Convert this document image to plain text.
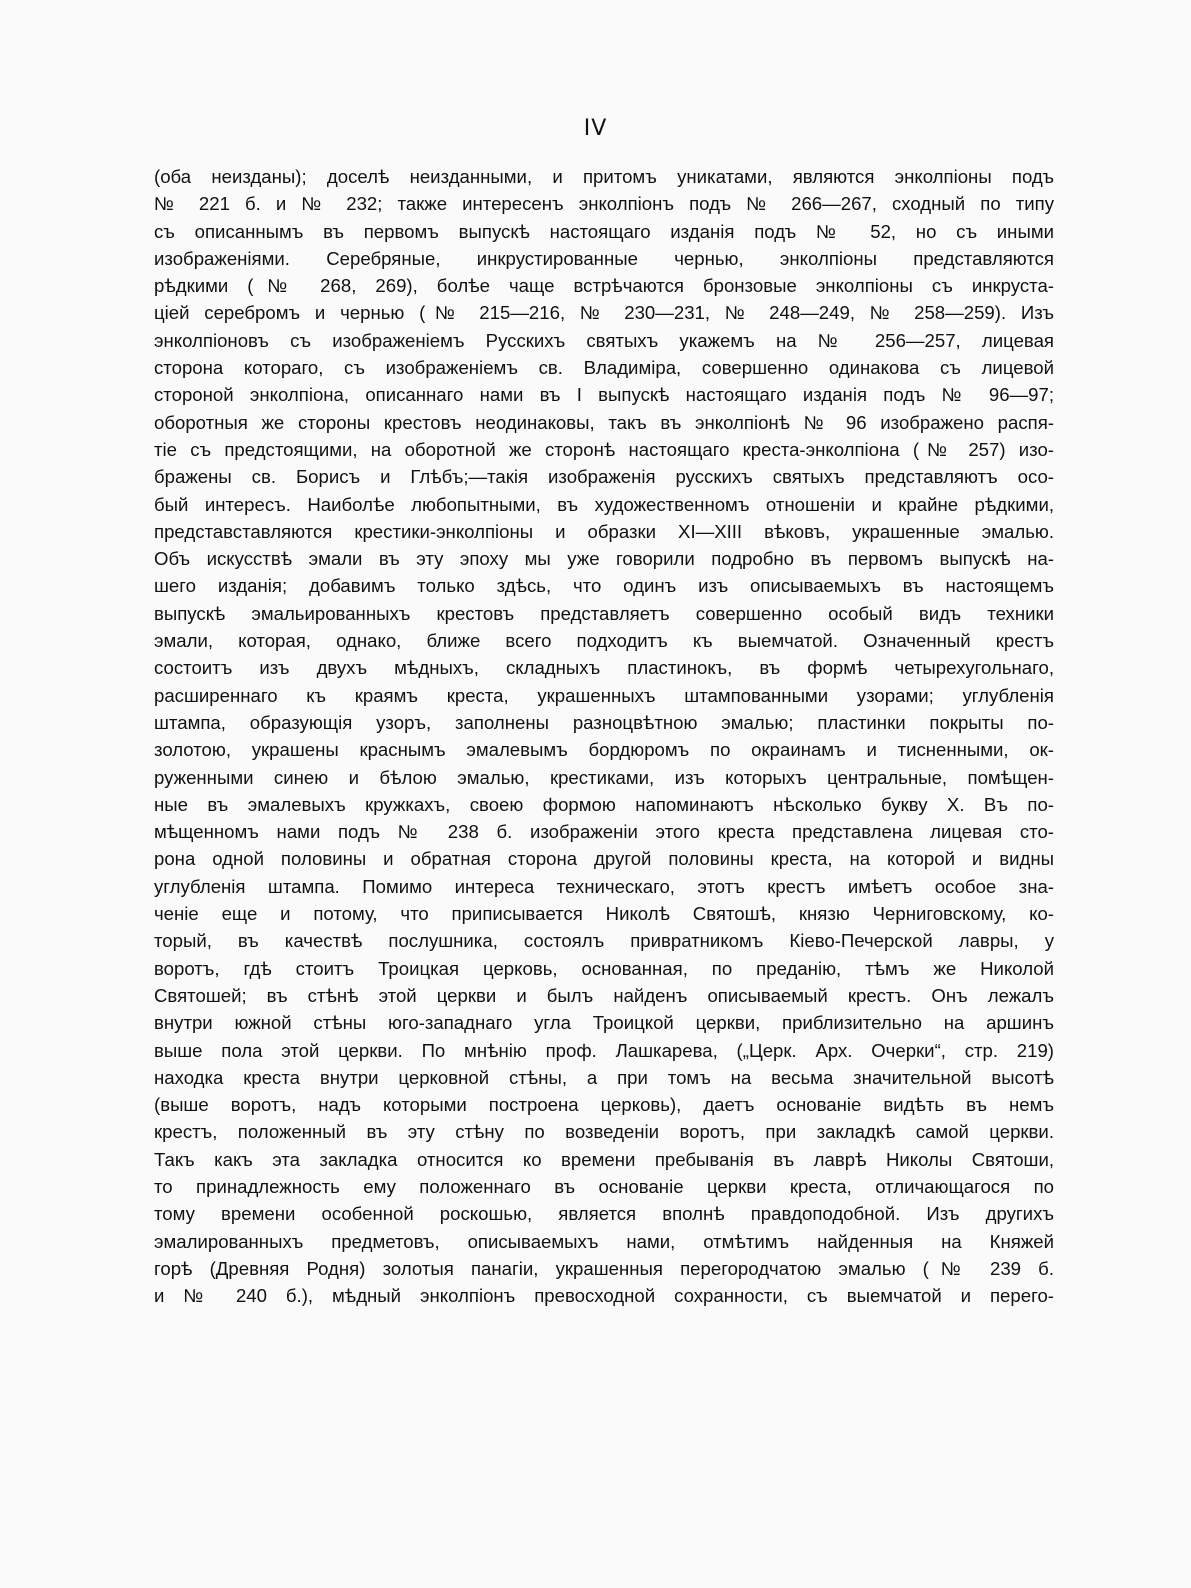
IV
(оба неизданы); доселѣ неизданными, и притомъ уникатами, являются энколпіоны подъ
№ 221 б. и № 232; также интересенъ энколпіонъ подъ № 266—267, сходный по типу
съ описаннымъ въ первомъ выпускѣ настоящаго изданія подъ № 52, но съ иными
изображеніями. Серебряные, инкрустированные чернью, энколпіоны представляются
рѣдкими (№ 268, 269), болѣе чаще встрѣчаются бронзовые энколпіоны съ инкруста-
ціей серебромъ и чернью (№ 215—216, № 230—231, № 248—249, № 258—259). Изъ
энколпіоновъ съ изображеніемъ Русскихъ святыхъ укажемъ на № 256—257, лицевая
сторона котораго, съ изображеніемъ св. Владиміра, совершенно одинакова съ лицевой
стороной энколпіона, описаннаго нами въ I выпускѣ настоящаго изданія подъ № 96—97;
оборотныя же стороны крестовъ неодинаковы, такъ въ энколпіонѣ № 96 изображено распя-
тіе съ предстоящими, на оборотной же сторонѣ настоящаго креста-энколпіона (№ 257) изо-
бражены св. Борисъ и Глѣбъ;—такія изображенія русскихъ святыхъ представляютъ осо-
бый интересъ. Наиболѣе любопытными, въ художественномъ отношеніи и крайне рѣдкими,
представставляются крестики-энколпіоны и образки XI—XIII вѣковъ, украшенные эмалью.
Объ искусствѣ эмали въ эту эпоху мы уже говорили подробно въ первомъ выпускѣ на-
шего изданія; добавимъ только здѣсь, что одинъ изъ описываемыхъ въ настоящемъ
выпускѣ эмальированныхъ крестовъ представляетъ совершенно особый видъ техники
эмали, которая, однако, ближе всего подходитъ къ выемчатой. Означенный крестъ
состоитъ изъ двухъ мѣдныхъ, складныхъ пластинокъ, въ формѣ четырехугольнаго,
расширеннаго къ краямъ креста, украшенныхъ штампованными узорами; углубленія
штампа, образующія узоръ, заполнены разноцвѣтною эмалью; пластинки покрыты по-
золотою, украшены краснымъ эмалевымъ бордюромъ по окраинамъ и тисненными, ок-
руженными синею и бѣлою эмалью, крестиками, изъ которыхъ центральные, помѣщен-
ные въ эмалевыхъ кружкахъ, своею формою напоминаютъ нѣсколько букву X. Въ по-
мѣщенномъ нами подъ № 238 б. изображеніи этого креста представлена лицевая сто-
рона одной половины и обратная сторона другой половины креста, на которой и видны
углубленія штампа. Помимо интереса техническаго, этотъ крестъ имѣетъ особое зна-
ченіе еще и потому, что приписывается Николѣ Святошѣ, князю Черниговскому, ко-
торый, въ качествѣ послушника, состоялъ привратникомъ Кіево-Печерской лавры, у
воротъ, гдѣ стоитъ Троицкая церковь, основанная, по преданію, тѣмъ же Николой
Святошей; въ стѣнѣ этой церкви и былъ найденъ описываемый крестъ. Онъ лежалъ
внутри южной стѣны юго-западнаго угла Троицкой церкви, приблизительно на аршинъ
выше пола этой церкви. По мнѣнію проф. Лашкарева, („Церк. Арх. Очерки“, стр. 219)
находка креста внутри церковной стѣны, а при томъ на весьма значительной высотѣ
(выше воротъ, надъ которыми построена церковь), даетъ основаніе видѣть въ немъ
крестъ, положенный въ эту стѣну по возведеніи воротъ, при закладкѣ самой церкви.
Такъ какъ эта закладка относится ко времени пребыванія въ лаврѣ Николы Святоши,
то принадлежность ему положеннаго въ основаніе церкви креста, отличающагося по
тому времени особенной роскошью, является вполнѣ правдоподобной. Изъ другихъ
эмалированныхъ предметовъ, описываемыхъ нами, отмѣтимъ найденныя на Княжей
горѣ (Древняя Родня) золотыя панагіи, украшенныя перегородчатою эмалью (№ 239 б.
и № 240 б.), мѣдный энколпіонъ превосходной сохранности, съ выемчатой и перего-
